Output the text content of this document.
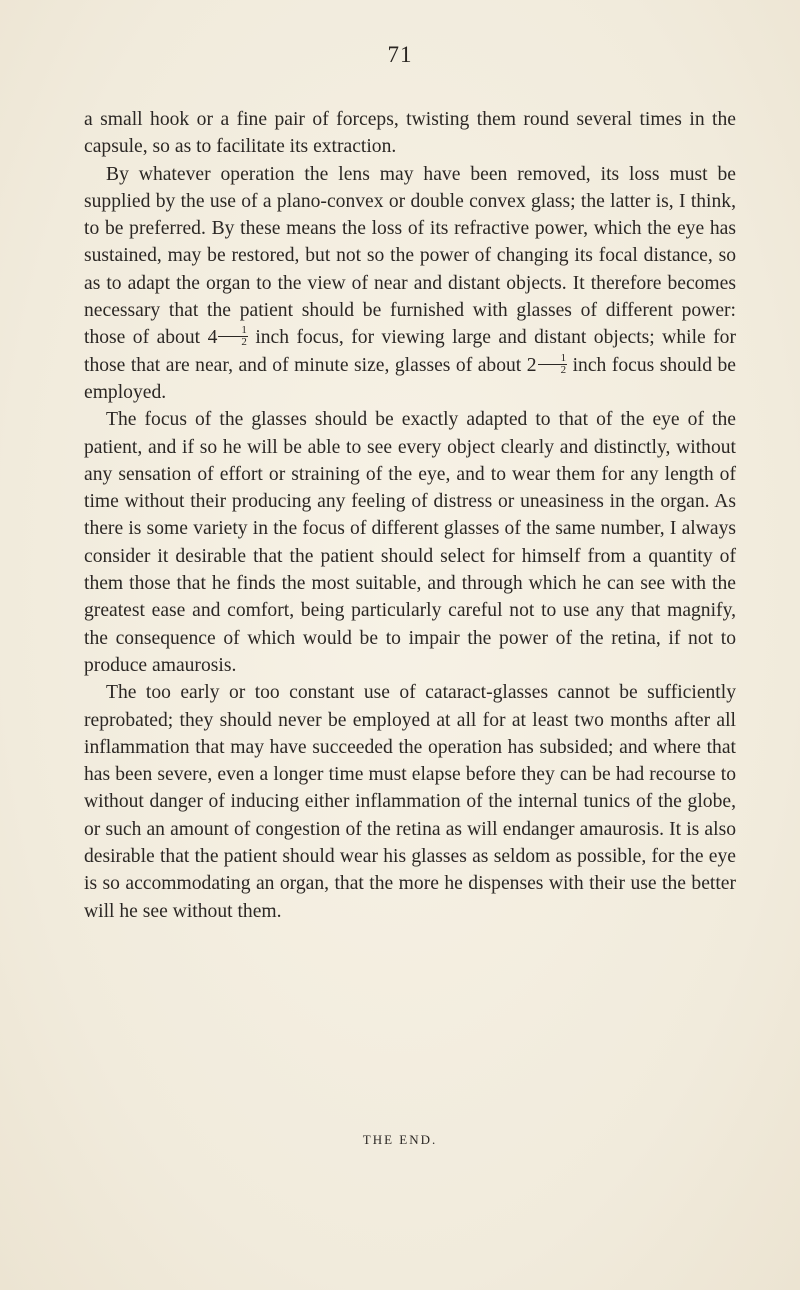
71

a small hook or a fine pair of forceps, twisting them round several times in the capsule, so as to facilitate its extraction.

By whatever operation the lens may have been removed, its loss must be supplied by the use of a plano-convex or double convex glass; the latter is, I think, to be preferred. By these means the loss of its refractive power, which the eye has sustained, may be restored, but not so the power of changing its focal distance, so as to adapt the organ to the view of near and distant objects. It therefore becomes necessary that the patient should be furnished with glasses of different power: those of about $4 \frac{1}{2}$ inch focus, for viewing large and distant objects; while for those that are near, and of minute size, glasses of about $2 \frac{1}{2}$ inch focus should be employed.

The focus of the glasses should be exactly adapted to that of the eye of the patient, and if so he will be able to see every object clearly and distinctly, without any sensation of effort or straining of the eye, and to wear them for any length of time without their producing any feeling of distress or uneasiness in the organ. As there is some variety in the focus of different glasses of the same number, I always consider it desirable that the patient should select for himself from a quantity of them those that he finds the most suitable, and through which he can see with the greatest ease and comfort, being particularly careful not to use any that magnify, the consequence of which would be to impair the power of the retina, if not to produce amaurosis.

The too early or too constant use of cataract-glasses cannot be sufficiently reprobated; they should never be employed at all for at least two months after all inflammation that may have succeeded the operation has subsided; and where that has been severe, even a longer time must elapse before they can be had recourse to without danger of inducing either inflammation of the internal tunics of the globe, or such an amount of congestion of the retina as will endanger amaurosis. It is also desirable that the patient should wear his glasses as seldom as possible, for the eye is so accommodating an organ, that the more he dispenses with their use the better will he see without them.

THE END.
